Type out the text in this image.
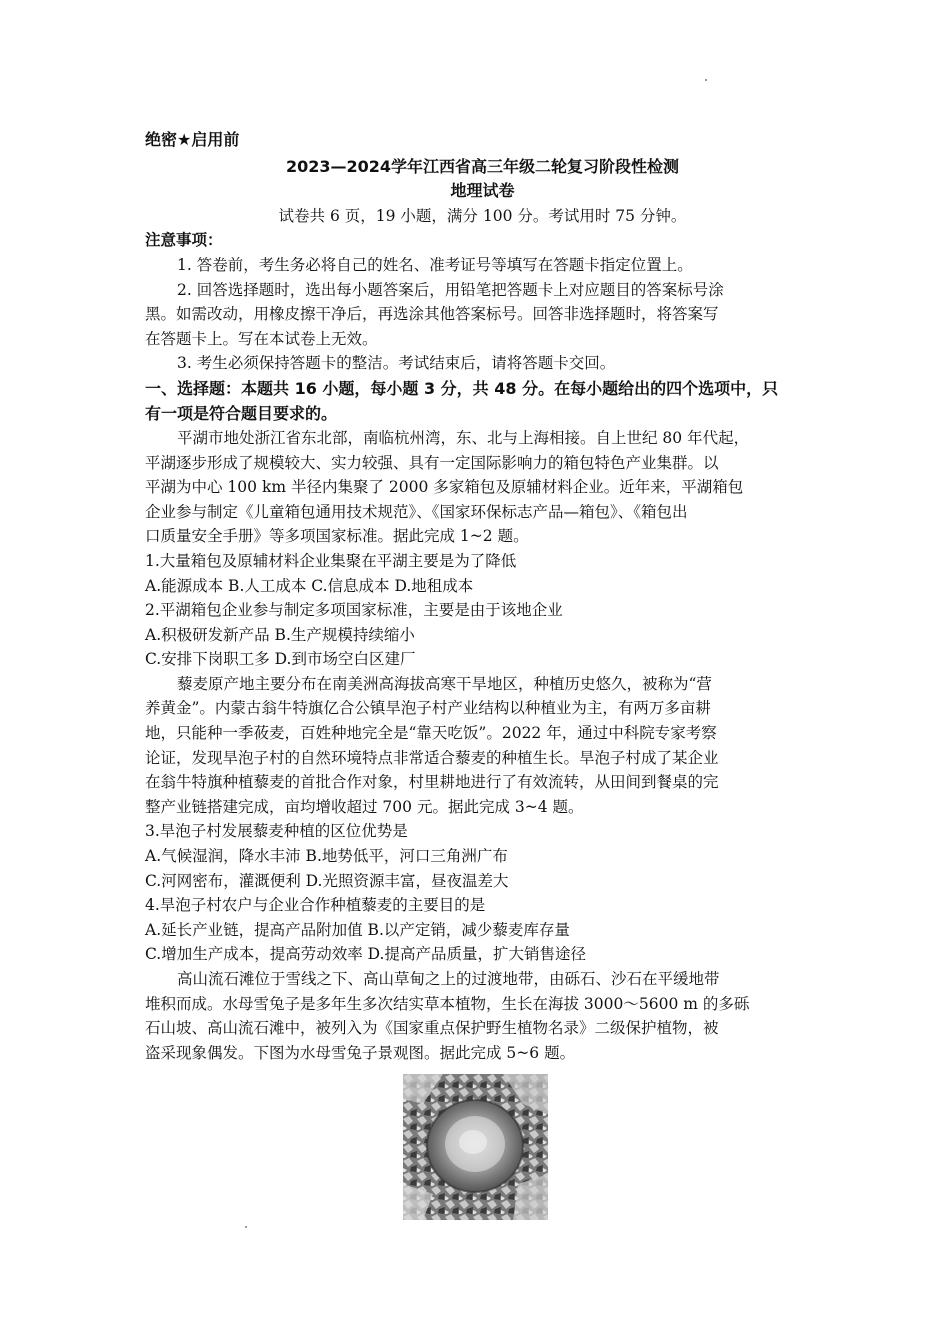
绝密★启用前
2023—2024学年江西省高三年级二轮复习阶段性检测
地理试卷
试卷共 6 页，19 小题，满分 100 分。考试用时 75 分钟。
注意事项：
1. 答卷前，考生务必将自己的姓名、准考证号等填写在答题卡指定位置上。
2. 回答选择题时，选出每小题答案后，用铅笔把答题卡上对应题目的答案标号涂
黑。如需改动，用橡皮擦干净后，再选涂其他答案标号。回答非选择题时，将答案写
在答题卡上。写在本试卷上无效。
3. 考生必须保持答题卡的整洁。考试结束后，请将答题卡交回。
一、选择题：本题共 16 小题，每小题 3 分，共 48 分。在每小题给出的四个选项中，只
有一项是符合题目要求的。
平湖市地处浙江省东北部，南临杭州湾，东、北与上海相接。自上世纪 80 年代起，
平湖逐步形成了规模较大、实力较强、具有一定国际影响力的箱包特色产业集群。以
平湖为中心 100 km 半径内集聚了 2000 多家箱包及原辅材料企业。近年来，平湖箱包
企业参与制定《儿童箱包通用技术规范》、《国家环保标志产品—箱包》、《箱包出
口质量安全手册》等多项国家标准。据此完成 1~2 题。
1.大量箱包及原辅材料企业集聚在平湖主要是为了降低
A.能源成本 B.人工成本 C.信息成本 D.地租成本
2.平湖箱包企业参与制定多项国家标准，主要是由于该地企业
A.积极研发新产品 B.生产规模持续缩小
C.安排下岗职工多 D.到市场空白区建厂
藜麦原产地主要分布在南美洲高海拔高寒干旱地区，种植历史悠久，被称为“营
养黄金”。内蒙古翁牛特旗亿合公镇旱泡子村产业结构以种植业为主，有两万多亩耕
地，只能种一季莜麦，百姓种地完全是“靠天吃饭”。2022 年，通过中科院专家考察
论证，发现旱泡子村的自然环境特点非常适合藜麦的种植生长。旱泡子村成了某企业
在翁牛特旗种植藜麦的首批合作对象，村里耕地进行了有效流转，从田间到餐桌的完
整产业链搭建完成，亩均增收超过 700 元。据此完成 3~4 题。
3.旱泡子村发展藜麦种植的区位优势是
A.气候湿润，降水丰沛 B.地势低平，河口三角洲广布
C.河网密布，灌溉便利 D.光照资源丰富，昼夜温差大
4.旱泡子村农户与企业合作种植藜麦的主要目的是
A.延长产业链，提高产品附加值 B.以产定销，减少藜麦库存量
C.增加生产成本，提高劳动效率 D.提高产品质量，扩大销售途径
高山流石滩位于雪线之下、高山草甸之上的过渡地带，由砾石、沙石在平缓地带
堆积而成。水母雪兔子是多年生多次结实草本植物，生长在海拔 3000～5600 m 的多砾
石山坡、高山流石滩中，被列入为《国家重点保护野生植物名录》二级保护植物，被
盗采现象偶发。下图为水母雪兔子景观图。据此完成 5~6 题。
